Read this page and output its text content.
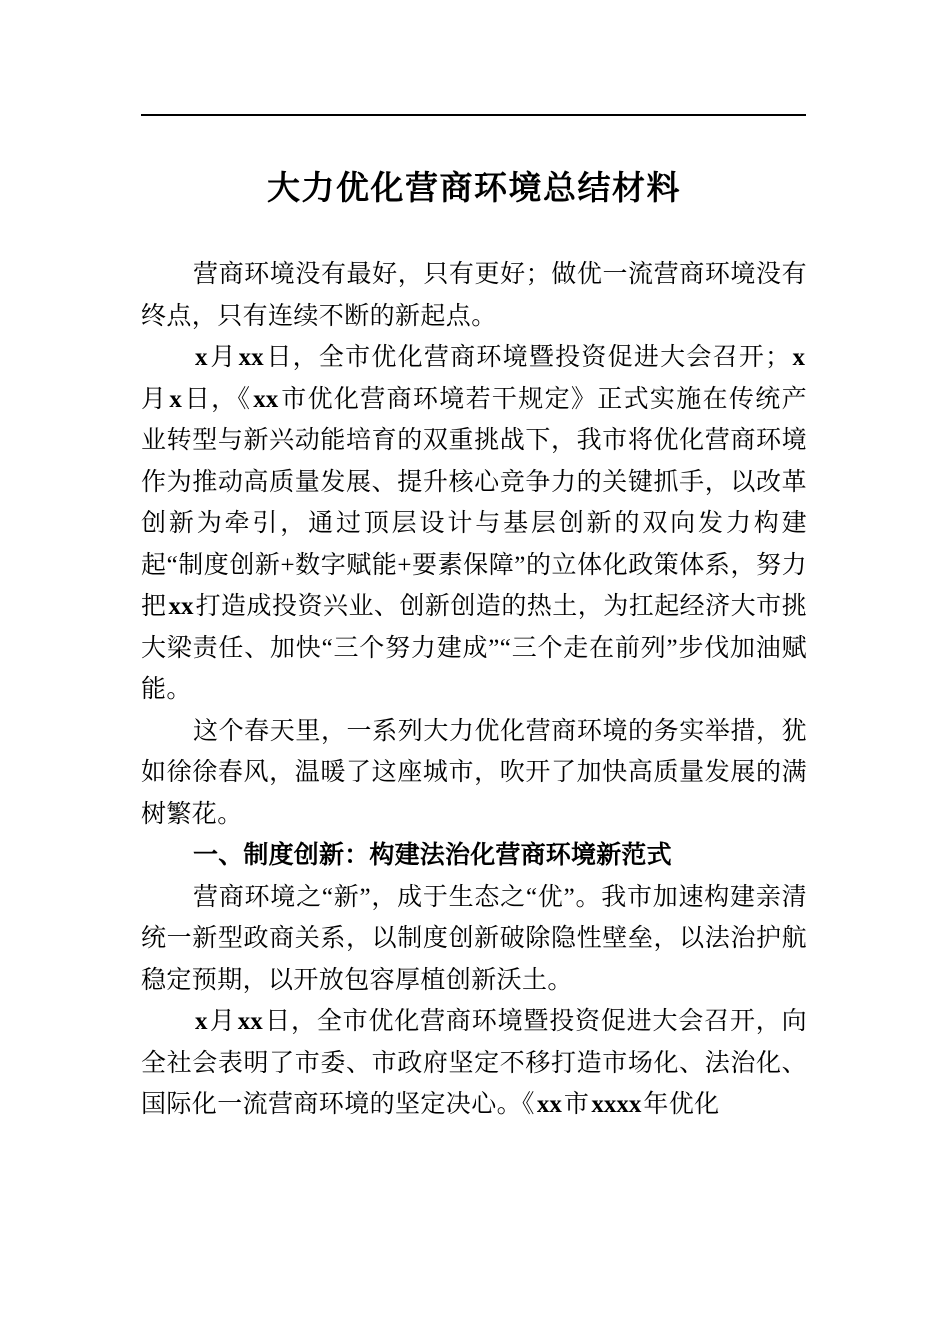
大力优化营商环境总结材料

营商环境没有最好，只有更好；做优一流营商环境没有终点，只有连续不断的新起点。

x月xx日，全市优化营商环境暨投资促进大会召开；x月x日，《xx市优化营商环境若干规定》正式实施在传统产业转型与新兴动能培育的双重挑战下，我市将优化营商环境作为推动高质量发展、提升核心竞争力的关键抓手，以改革创新为牵引，通过顶层设计与基层创新的双向发力构建起“制度创新+数字赋能+要素保障”的立体化政策体系，努力把xx打造成投资兴业、创新创造的热土，为扛起经济大市挑大梁责任、加快“三个努力建成”“三个走在前列”步伐加油赋能。

这个春天里，一系列大力优化营商环境的务实举措，犹如徐徐春风，温暖了这座城市，吹开了加快高质量发展的满树繁花。

一、制度创新：构建法治化营商环境新范式

营商环境之“新”，成于生态之“优”。我市加速构建亲清统一新型政商关系，以制度创新破除隐性壁垒，以法治护航稳定预期，以开放包容厚植创新沃土。

x月xx日，全市优化营商环境暨投资促进大会召开，向全社会表明了市委、市政府坚定不移打造市场化、法治化、国际化一流营商环境的坚定决心。《xx市xxxx年优化
